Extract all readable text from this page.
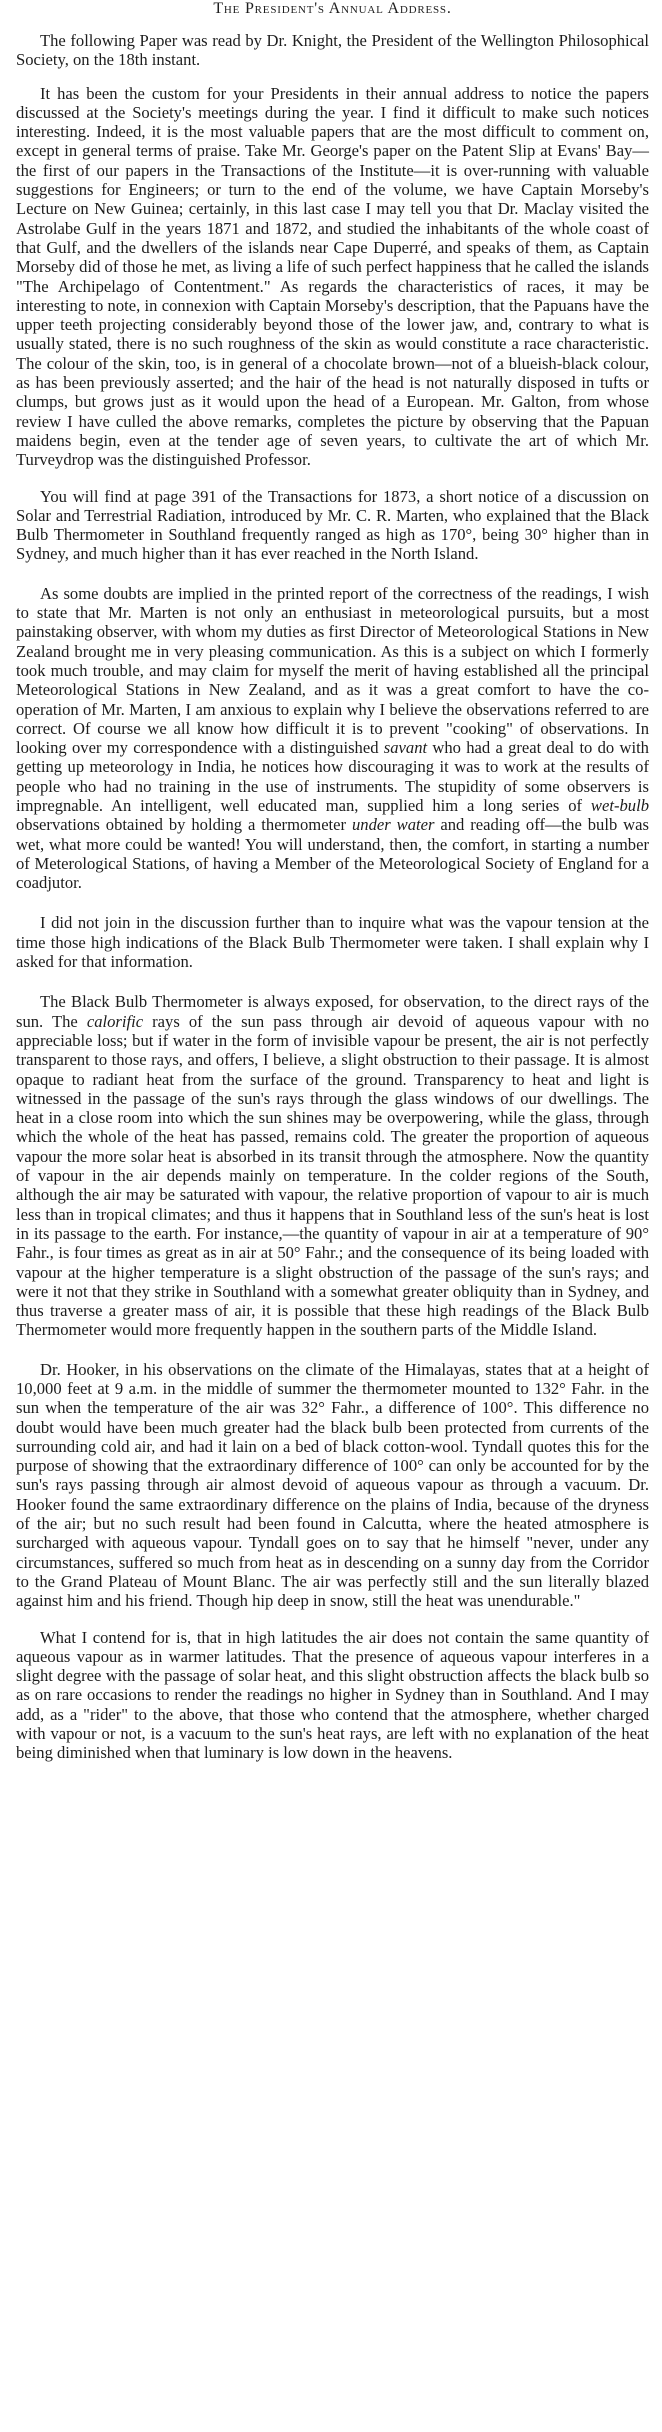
The President's Annual Address.

The following Paper was read by Dr. Knight, the President of the Wellington Philosophical Society, on the 18th instant.

It has been the custom for your Presidents in their annual address to notice the papers discussed at the Society's meetings during the year. I find it difficult to make such notices interesting. Indeed, it is the most valuable papers that are the most difficult to comment on, except in general terms of praise. Take Mr. George's paper on the Patent Slip at Evans' Bay—the first of our papers in the Transactions of the Institute—it is over-running with valuable suggestions for Engineers; or turn to the end of the volume, we have Captain Morseby's Lecture on New Guinea; certainly, in this last case I may tell you that Dr. Maclay visited the Astrolabe Gulf in the years 1871 and 1872, and studied the inhabitants of the whole coast of that Gulf, and the dwellers of the islands near Cape Duperré, and speaks of them, as Captain Morseby did of those he met, as living a life of such perfect happiness that he called the islands "The Archipelago of Contentment." As regards the characteristics of races, it may be interesting to note, in connexion with Captain Morseby's description, that the Papuans have the upper teeth projecting considerably beyond those of the lower jaw, and, contrary to what is usually stated, there is no such roughness of the skin as would constitute a race characteristic. The colour of the skin, too, is in general of a chocolate brown—not of a blueish-black colour, as has been previously asserted; and the hair of the head is not naturally disposed in tufts or clumps, but grows just as it would upon the head of a European. Mr. Galton, from whose review I have culled the above remarks, completes the picture by observing that the Papuan maidens begin, even at the tender age of seven years, to cultivate the art of which Mr. Turveydrop was the distinguished Professor.

You will find at page 391 of the Transactions for 1873, a short notice of a discussion on Solar and Terrestrial Radiation, introduced by Mr. C. R. Marten, who explained that the Black Bulb Thermometer in Southland frequently ranged as high as 170°, being 30° higher than in Sydney, and much higher than it has ever reached in the North Island.

As some doubts are implied in the printed report of the correctness of the readings, I wish to state that Mr. Marten is not only an enthusiast in meteorological pursuits, but a most painstaking observer, with whom my duties as first Director of Meteorological Stations in New Zealand brought me in very pleasing communication. As this is a subject on which I formerly took much trouble, and may claim for myself the merit of having established all the principal Meteorological Stations in New Zealand, and as it was a great comfort to have the co-operation of Mr. Marten, I am anxious to explain why I believe the observations referred to are correct. Of course we all know how difficult it is to prevent "cooking" of observations. In looking over my correspondence with a distinguished savant who had a great deal to do with getting up meteorology in India, he notices how discouraging it was to work at the results of people who had no training in the use of instruments. The stupidity of some observers is impregnable. An intelligent, well educated man, supplied him a long series of wet-bulb observations obtained by holding a thermometer under water and reading off—the bulb was wet, what more could be wanted! You will understand, then, the comfort, in starting a number of Meterological Stations, of having a Member of the Meteorological Society of England for a coadjutor.

I did not join in the discussion further than to inquire what was the vapour tension at the time those high indications of the Black Bulb Thermometer were taken. I shall explain why I asked for that information.

The Black Bulb Thermometer is always exposed, for observation, to the direct rays of the sun. The calorific rays of the sun pass through air devoid of aqueous vapour with no appreciable loss; but if water in the form of invisible vapour be present, the air is not perfectly transparent to those rays, and offers, I believe, a slight obstruction to their passage. It is almost opaque to radiant heat from the surface of the ground. Transparency to heat and light is witnessed in the passage of the sun's rays through the glass windows of our dwellings. The heat in a close room into which the sun shines may be overpowering, while the glass, through which the whole of the heat has passed, remains cold. The greater the proportion of aqueous vapour the more solar heat is absorbed in its transit through the atmosphere. Now the quantity of vapour in the air depends mainly on temperature. In the colder regions of the South, although the air may be saturated with vapour, the relative proportion of vapour to air is much less than in tropical climates; and thus it happens that in Southland less of the sun's heat is lost in its passage to the earth. For instance,—the quantity of vapour in air at a temperature of 90° Fahr., is four times as great as in air at 50° Fahr.; and the consequence of its being loaded with vapour at the higher temperature is a slight obstruction of the passage of the sun's rays; and were it not that they strike in Southland with a somewhat greater obliquity than in Sydney, and thus traverse a greater mass of air, it is possible that these high readings of the Black Bulb Thermometer would more frequently happen in the southern parts of the Middle Island.

Dr. Hooker, in his observations on the climate of the Himalayas, states that at a height of 10,000 feet at 9 a.m. in the middle of summer the thermometer mounted to 132° Fahr. in the sun when the temperature of the air was 32° Fahr., a difference of 100°. This difference no doubt would have been much greater had the black bulb been protected from currents of the surrounding cold air, and had it lain on a bed of black cotton-wool. Tyndall quotes this for the purpose of showing that the extraordinary difference of 100° can only be accounted for by the sun's rays passing through air almost devoid of aqueous vapour as through a vacuum. Dr. Hooker found the same extraordinary difference on the plains of India, because of the dryness of the air; but no such result had been found in Calcutta, where the heated atmosphere is surcharged with aqueous vapour. Tyndall goes on to say that he himself "never, under any circumstances, suffered so much from heat as in descending on a sunny day from the Corridor to the Grand Plateau of Mount Blanc. The air was perfectly still and the sun literally blazed against him and his friend. Though hip deep in snow, still the heat was unendurable."

What I contend for is, that in high latitudes the air does not contain the same quantity of aqueous vapour as in warmer latitudes. That the presence of aqueous vapour interferes in a slight degree with the passage of solar heat, and this slight obstruction affects the black bulb so as on rare occasions to render the readings no higher in Sydney than in Southland. And I may add, as a "rider" to the above, that those who contend that the atmosphere, whether charged with vapour or not, is a vacuum to the sun's heat rays, are left with no explanation of the heat being diminished when that luminary is low down in the heavens.
